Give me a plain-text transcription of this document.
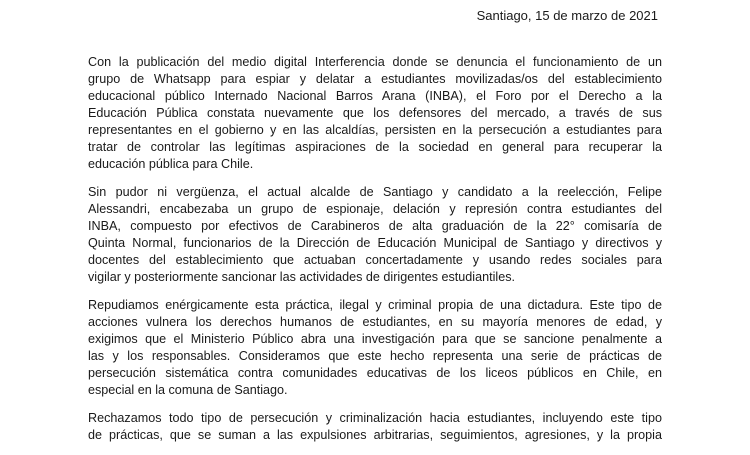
Santiago, 15 de marzo de 2021

Con la publicación del medio digital Interferencia donde se denuncia el funcionamiento de un
grupo de Whatsapp para espiar y delatar a estudiantes movilizadas/os del establecimiento
educacional público Internado Nacional Barros Arana (INBA), el Foro por el Derecho a la
Educación Pública constata nuevamente que los defensores del mercado, a través de sus
representantes en el gobierno y en las alcaldías, persisten en la persecución a estudiantes para
tratar de controlar las legítimas aspiraciones de la sociedad en general para recuperar la
educación pública para Chile.

Sin pudor ni vergüenza, el actual alcalde de Santiago y candidato a la reelección, Felipe
Alessandri, encabezaba un grupo de espionaje, delación y represión contra estudiantes del
INBA, compuesto por efectivos de Carabineros de alta graduación de la 22° comisaría de
Quinta Normal, funcionarios de la Dirección de Educación Municipal de Santiago y directivos y
docentes del establecimiento que actuaban concertadamente y usando redes sociales para
vigilar y posteriormente sancionar las actividades de dirigentes estudiantiles.

Repudiamos enérgicamente esta práctica, ilegal y criminal propia de una dictadura. Este tipo de
acciones vulnera los derechos humanos de estudiantes, en su mayoría menores de edad, y
exigimos que el Ministerio Público abra una investigación para que se sancione penalmente a
las y los responsables. Consideramos que este hecho representa una serie de prácticas de
persecución sistemática contra comunidades educativas de los liceos públicos en Chile, en
especial en la comuna de Santiago.

Rechazamos todo tipo de persecución y criminalización hacia estudiantes, incluyendo este tipo
de prácticas, que se suman a las expulsiones arbitrarias, seguimientos, agresiones, y la propia
